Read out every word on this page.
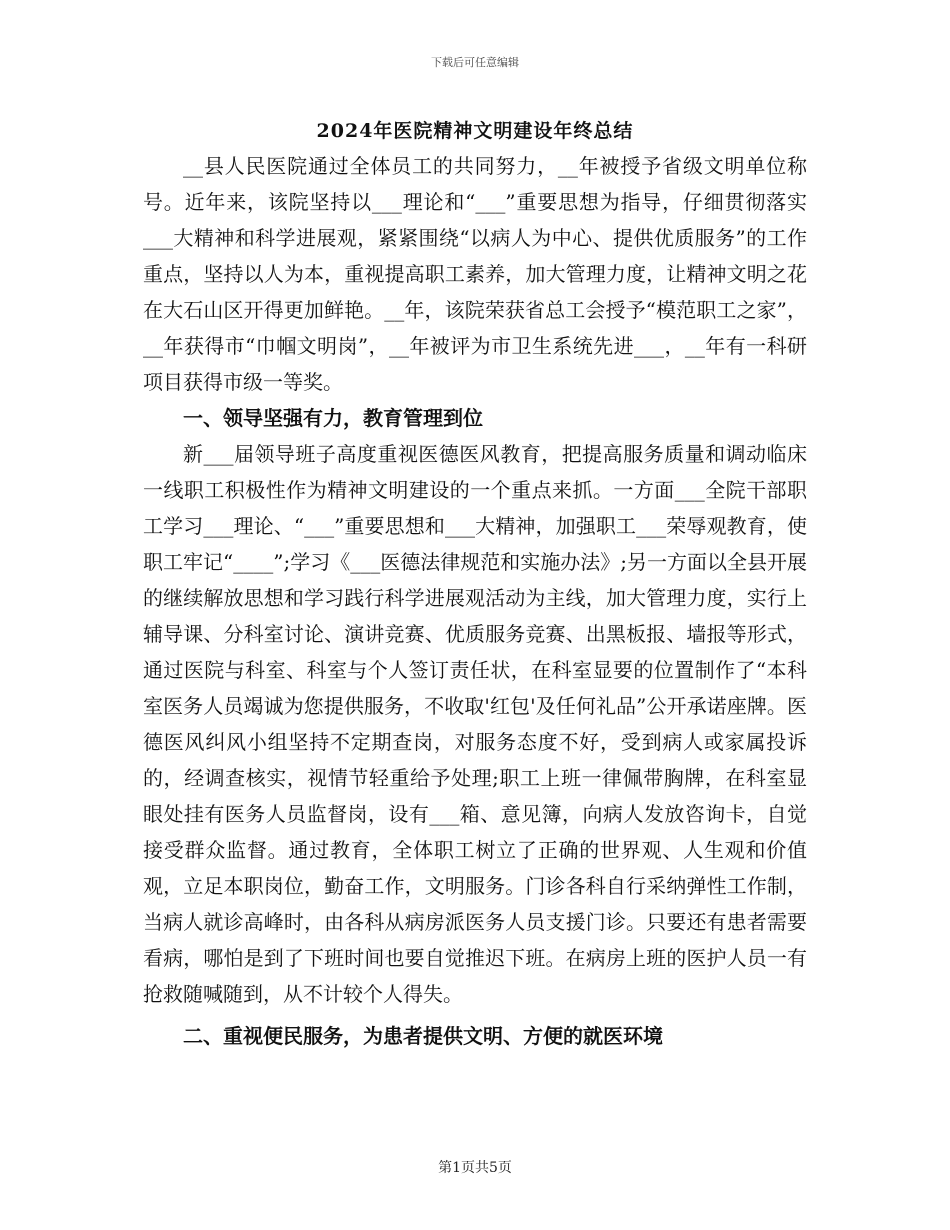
下载后可任意编辑
2024年医院精神文明建设年终总结

__县人民医院通过全体员工的共同努力，__年被授予省级文明单位称号。近年来，该院坚持以___理论和“___”重要思想为指导，仔细贯彻落实___大精神和科学进展观，紧紧围绕“以病人为中心、提供优质服务”的工作重点，坚持以人为本，重视提高职工素养，加大管理力度，让精神文明之花在大石山区开得更加鲜艳。__年，该院荣获省总工会授予“模范职工之家”，__年获得市“巾帼文明岗”，__年被评为市卫生系统先进___，__年有一科研项目获得市级一等奖。

一、领导坚强有力，教育管理到位

新___届领导班子高度重视医德医风教育，把提高服务质量和调动临床一线职工积极性作为精神文明建设的一个重点来抓。一方面___全院干部职工学习___理论、“___”重要思想和___大精神，加强职工___荣辱观教育，使职工牢记“____”;学习《___医德法律规范和实施办法》;另一方面以全县开展的继续解放思想和学习践行科学进展观活动为主线，加大管理力度，实行上辅导课、分科室讨论、演讲竞赛、优质服务竞赛、出黑板报、墙报等形式，通过医院与科室、科室与个人签订责任状，在科室显要的位置制作了“本科室医务人员竭诚为您提供服务，不收取'红包'及任何礼品”公开承诺座牌。医德医风纠风小组坚持不定期查岗，对服务态度不好，受到病人或家属投诉的，经调查核实，视情节轻重给予处理;职工上班一律佩带胸牌，在科室显眼处挂有医务人员监督岗，设有___箱、意见簿，向病人发放咨询卡，自觉接受群众监督。通过教育，全体职工树立了正确的世界观、人生观和价值观，立足本职岗位，勤奋工作，文明服务。门诊各科自行采纳弹性工作制，当病人就诊高峰时，由各科从病房派医务人员支援门诊。只要还有患者需要看病，哪怕是到了下班时间也要自觉推迟下班。在病房上班的医护人员一有抢救随喊随到，从不计较个人得失。

二、重视便民服务，为患者提供文明、方便的就医环境

第1页共5页
